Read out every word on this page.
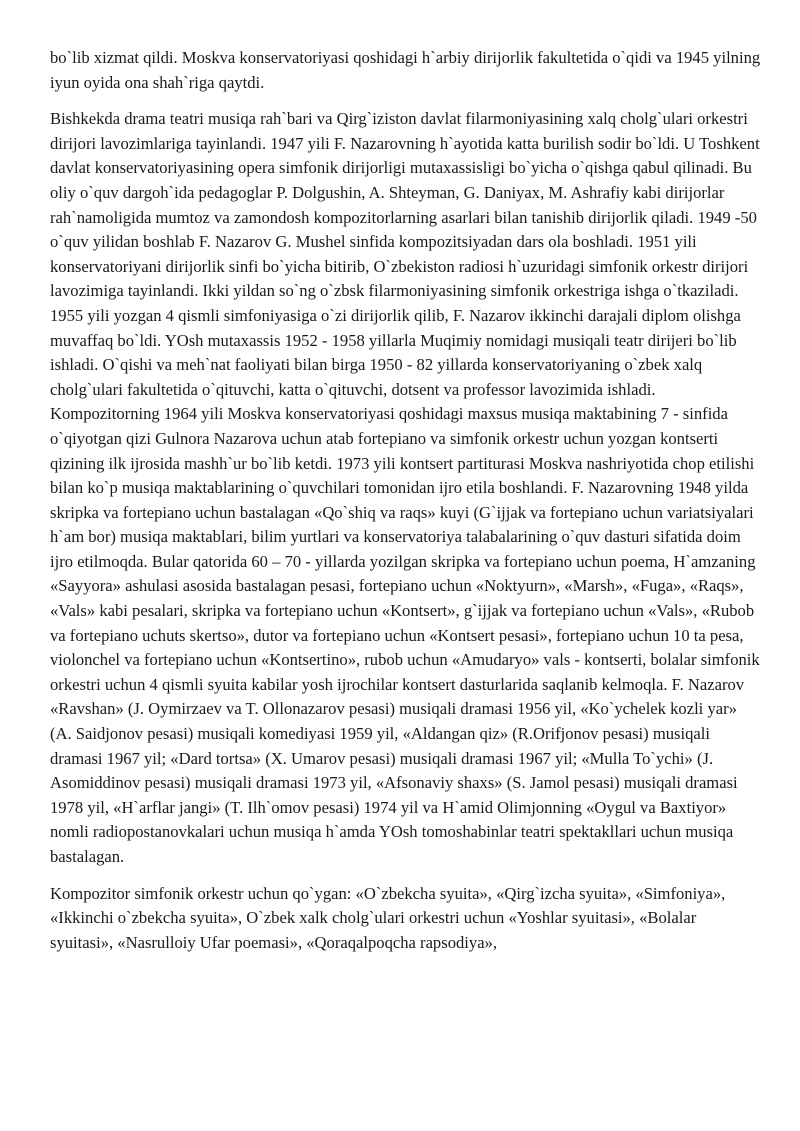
bo`lib xizmat qildi. Moskva konservatoriyasi qoshidagi h`arbiy dirijorlik fakultetida o`qidi va 1945 yilning iyun oyida ona shah`riga qaytdi.

Bishkekda drama teatri musiqa rah`bari va Qirg`iziston davlat filarmoniyasining xalq cholg`ulari orkestri dirijori lavozimlariga tayinlandi. 1947 yili F. Nazarovning h`ayotida katta burilish sodir bo`ldi. U Toshkent davlat konservatoriyasining opera simfonik dirijorligi mutaxassisligi bo`yicha o`qishga qabul qilinadi. Bu oliy o`quv dargoh`ida pedagoglar P. Dolgushin, A. Shteyman, G. Daniyax, M. Ashrafiy kabi dirijorlar rah`namoligida mumtoz va zamondosh kompozitorlarning asarlari bilan tanishib dirijorlik qiladi. 1949 -50 o`quv yilidan boshlab F. Nazarov G. Mushel sinfida kompozitsiyadan dars ola boshladi. 1951 yili konservatoriyani dirijorlik sinfi bo`yicha bitirib, O`zbekiston radiosi h`uzuridagi simfonik orkestr dirijori lavozimiga tayinlandi. Ikki yildan so`ng o`zbsk filarmoniyasining simfonik orkestriga ishga o`tkaziladi. 1955 yili yozgan 4 qismli simfoniyasiga o`zi dirijorlik qilib, F. Nazarov ikkinchi darajali diplom olishga muvaffaq bo`ldi. YOsh mutaxassis 1952 - 1958 yillarla Muqimiy nomidagi musiqali teatr dirijeri bo`lib ishladi. O`qishi va meh`nat faoliyati bilan birga 1950 - 82 yillarda konservatoriyaning o`zbek xalq cholg`ulari fakultetida o`qituvchi, katta o`qituvchi, dotsent va professor lavozimida ishladi. Kompozitorning 1964 yili Moskva konservatoriyasi qoshidagi maxsus musiqa maktabining 7 - sinfida o`qiyotgan qizi Gulnora Nazarova uchun atab fortepiano va simfonik orkestr uchun yozgan kontserti qizining ilk ijrosida mashh`ur bo`lib ketdi. 1973 yili kontsert partiturasi Moskva nashriyotida chop etilishi bilan ko`p musiqa maktablarining o`quvchilari tomonidan ijro etila boshlandi. F. Nazarovning 1948 yilda skripka va fortepiano uchun bastalagan «Qo`shiq va raqs» kuyi (G`ijjak va fortepiano uchun variatsiyalari h`am bor) musiqa maktablari, bilim yurtlari va konservatoriya talabalarining o`quv dasturi sifatida doim ijro etilmoqda. Bular qatorida 60 – 70 - yillarda yozilgan skripka va fortepiano uchun poema, H`amzaning «Sayyora» ashulasi asosida bastalagan pesasi, fortepiano uchun «Noktyurn», «Marsh», «Fuga», «Raqs», «Vals» kabi pesalari, skripka va fortepiano uchun «Kontsert», g`ijjak va fortepiano uchun «Vals», «Rubob va fortepiano uchuts skertso», dutor va fortepiano uchun «Kontsert pesasi», fortepiano uchun 10 ta pesa, violonchel va fortepiano uchun «Kontsertino», rubob uchun «Amudaryo» vals - kontserti, bolalar simfonik orkestri uchun 4 qismli syuita kabilar yosh ijrochilar kontsert dasturlarida saqlanib kelmoqla. F. Nazarov «Ravshan» (J. Oymirzaev va T. Ollonazarov pesasi) musiqali dramasi 1956 yil, «Ko`ychelek kozli yar» (A. Saidjonov pesasi) musiqali komediyasi 1959 yil, «Aldangan qiz» (R.Orifjonov pesasi) musiqali dramasi 1967 yil; «Dard tortsa» (X. Umarov pesasi) musiqali dramasi 1967 yil; «Mulla To`ychi» (J. Asomiddinov pesasi) musiqali dramasi 1973 yil, «Afsonaviy shaxs» (S. Jamol pesasi) musiqali dramasi 1978 yil, «H`arflar jangi» (T. Ilh`omov pesasi) 1974 yil va H`amid Olimjonning «Oygul va Baxtiyor» nomli radiopostanovkalari uchun musiqa h`amda YOsh tomoshabinlar teatri spektakllari uchun musiqa bastalagan.

Kompozitor simfonik orkestr uchun qo`ygan: «O`zbekcha syuita», «Qirg`izcha syuita», «Simfoniya», «Ikkinchi o`zbekcha syuita», O`zbek xalk cholg`ulari orkestri uchun «Yoshlar syuitasi», «Bolalar syuitasi», «Nasrulloiy Ufar poemasi», «Qoraqalpoqcha rapsodiya»,
